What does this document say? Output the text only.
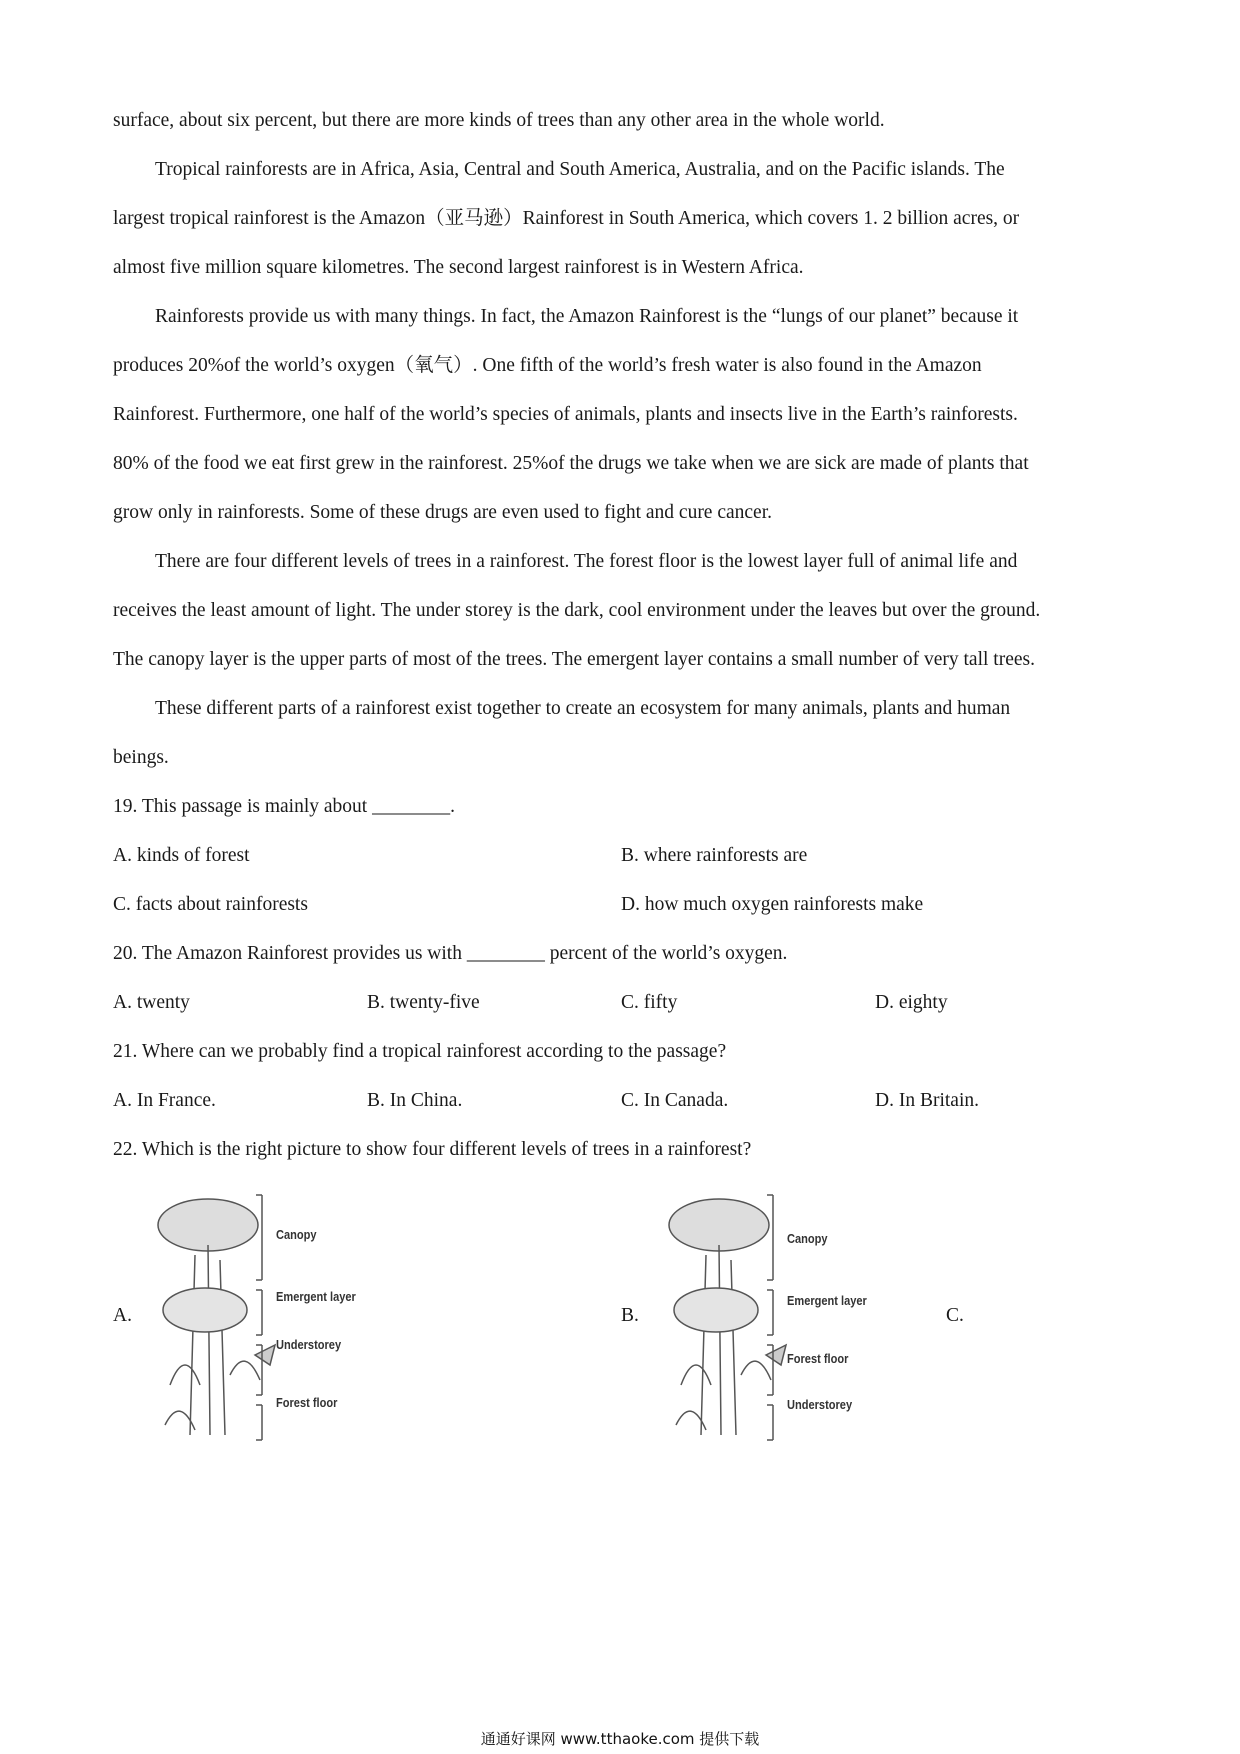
surface, about six percent, but there are more kinds of trees than any other area in the whole world.
Tropical rainforests are in Africa, Asia, Central and South America, Australia, and on the Pacific islands. The
largest tropical rainforest is the Amazon（亚马逊）Rainforest in South America, which covers 1. 2 billion acres, or
almost five million square kilometres. The second largest rainforest is in Western Africa.
Rainforests provide us with many things. In fact, the Amazon Rainforest is the “lungs of our planet” because it
produces 20%of the world’s oxygen（氧气）. One fifth of the world’s fresh water is also found in the Amazon
Rainforest. Furthermore, one half of the world’s species of animals, plants and insects live in the Earth’s rainforests.
80% of the food we eat first grew in the rainforest. 25%of the drugs we take when we are sick are made of plants that
grow only in rainforests. Some of these drugs are even used to fight and cure cancer.
There are four different levels of trees in a rainforest. The forest floor is the lowest layer full of animal life and
receives the least amount of light. The under storey is the dark, cool environment under the leaves but over the ground.
The canopy layer is the upper parts of most of the trees. The emergent layer contains a small number of very tall trees.
These different parts of a rainforest exist together to create an ecosystem for many animals, plants and human
beings.
19. This passage is mainly about ________.
A. kinds of forest	B. where rainforests are
C. facts about rainforests	D. how much oxygen rainforests make
20. The Amazon Rainforest provides us with ________ percent of the world’s oxygen.
A. twenty	B. twenty-five	C. fifty	D. eighty
21. Where can we probably find a tropical rainforest according to the passage?
A. In France.	B. In China.	C. In Canada.	D. In Britain.
22. Which is the right picture to show four different levels of trees in a rainforest?
A.
Canopy
Emergent layer
Understorey
Forest floor
B.
Canopy
Emergent layer
Forest floor
Understorey
C.
通通好课网 www.tthaoke.com 提供下载
